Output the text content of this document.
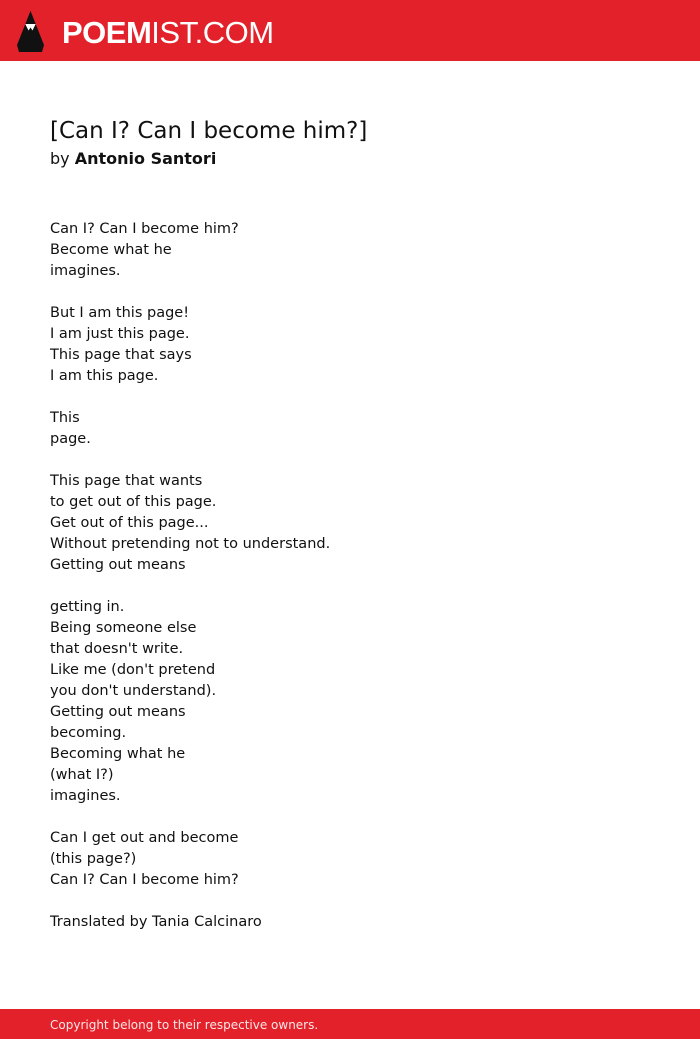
POEMIST.COM
[Can I? Can I become him?]
by Antonio Santori
Can I? Can I become him?
Become what he
imagines.
But I am this page!
I am just this page.
This page that says
I am this page.
This
page.
This page that wants
to get out of this page.
Get out of this page...
Without pretending not to understand.
Getting out means
getting in.
Being someone else
that doesn't write.
Like me (don't pretend
you don't understand).
Getting out means
becoming.
Becoming what he
(what I?)
imagines.
Can I get out and become
(this page?)
Can I? Can I become him?
Translated by Tania Calcinaro
Copyright belong to their respective owners.
